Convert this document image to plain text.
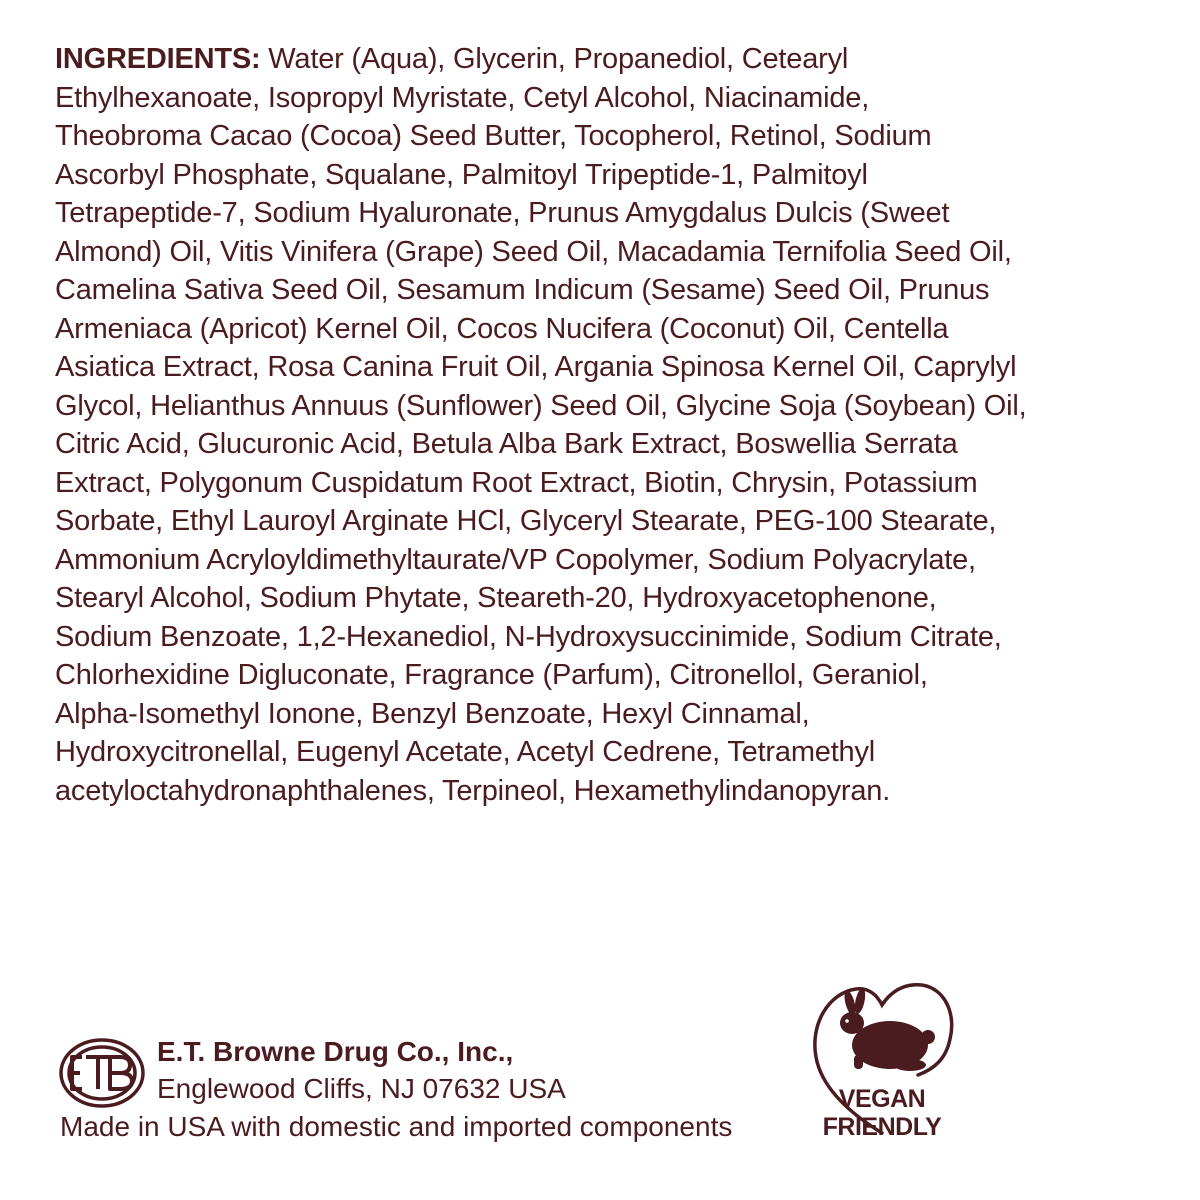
INGREDIENTS: Water (Aqua), Glycerin, Propanediol, Cetearyl
Ethylhexanoate, Isopropyl Myristate, Cetyl Alcohol, Niacinamide,
Theobroma Cacao (Cocoa) Seed Butter, Tocopherol, Retinol, Sodium
Ascorbyl Phosphate, Squalane, Palmitoyl Tripeptide-1, Palmitoyl
Tetrapeptide-7, Sodium Hyaluronate, Prunus Amygdalus Dulcis (Sweet
Almond) Oil, Vitis Vinifera (Grape) Seed Oil, Macadamia Ternifolia Seed Oil,
Camelina Sativa Seed Oil, Sesamum Indicum (Sesame) Seed Oil, Prunus
Armeniaca (Apricot) Kernel Oil, Cocos Nucifera (Coconut) Oil, Centella
Asiatica Extract, Rosa Canina Fruit Oil, Argania Spinosa Kernel Oil, Caprylyl
Glycol, Helianthus Annuus (Sunflower) Seed Oil, Glycine Soja (Soybean) Oil,
Citric Acid, Glucuronic Acid, Betula Alba Bark Extract, Boswellia Serrata
Extract, Polygonum Cuspidatum Root Extract, Biotin, Chrysin, Potassium
Sorbate, Ethyl Lauroyl Arginate HCl, Glyceryl Stearate, PEG-100 Stearate,
Ammonium Acryloyldimethyltaurate/VP Copolymer, Sodium Polyacrylate,
Stearyl Alcohol, Sodium Phytate, Steareth-20, Hydroxyacetophenone,
Sodium Benzoate, 1,2-Hexanediol, N-Hydroxysuccinimide, Sodium Citrate,
Chlorhexidine Digluconate, Fragrance (Parfum), Citronellol, Geraniol,
Alpha-Isomethyl Ionone, Benzyl Benzoate, Hexyl Cinnamal,
Hydroxycitronellal, Eugenyl Acetate, Acetyl Cedrene, Tetramethyl
acetyloctahydronaphthalenes, Terpineol, Hexamethylindanopyran.
E.T. Browne Drug Co., Inc.,
Englewood Cliffs, NJ 07632 USA
Made in USA with domestic and imported components
VEGAN
FRIENDLY
